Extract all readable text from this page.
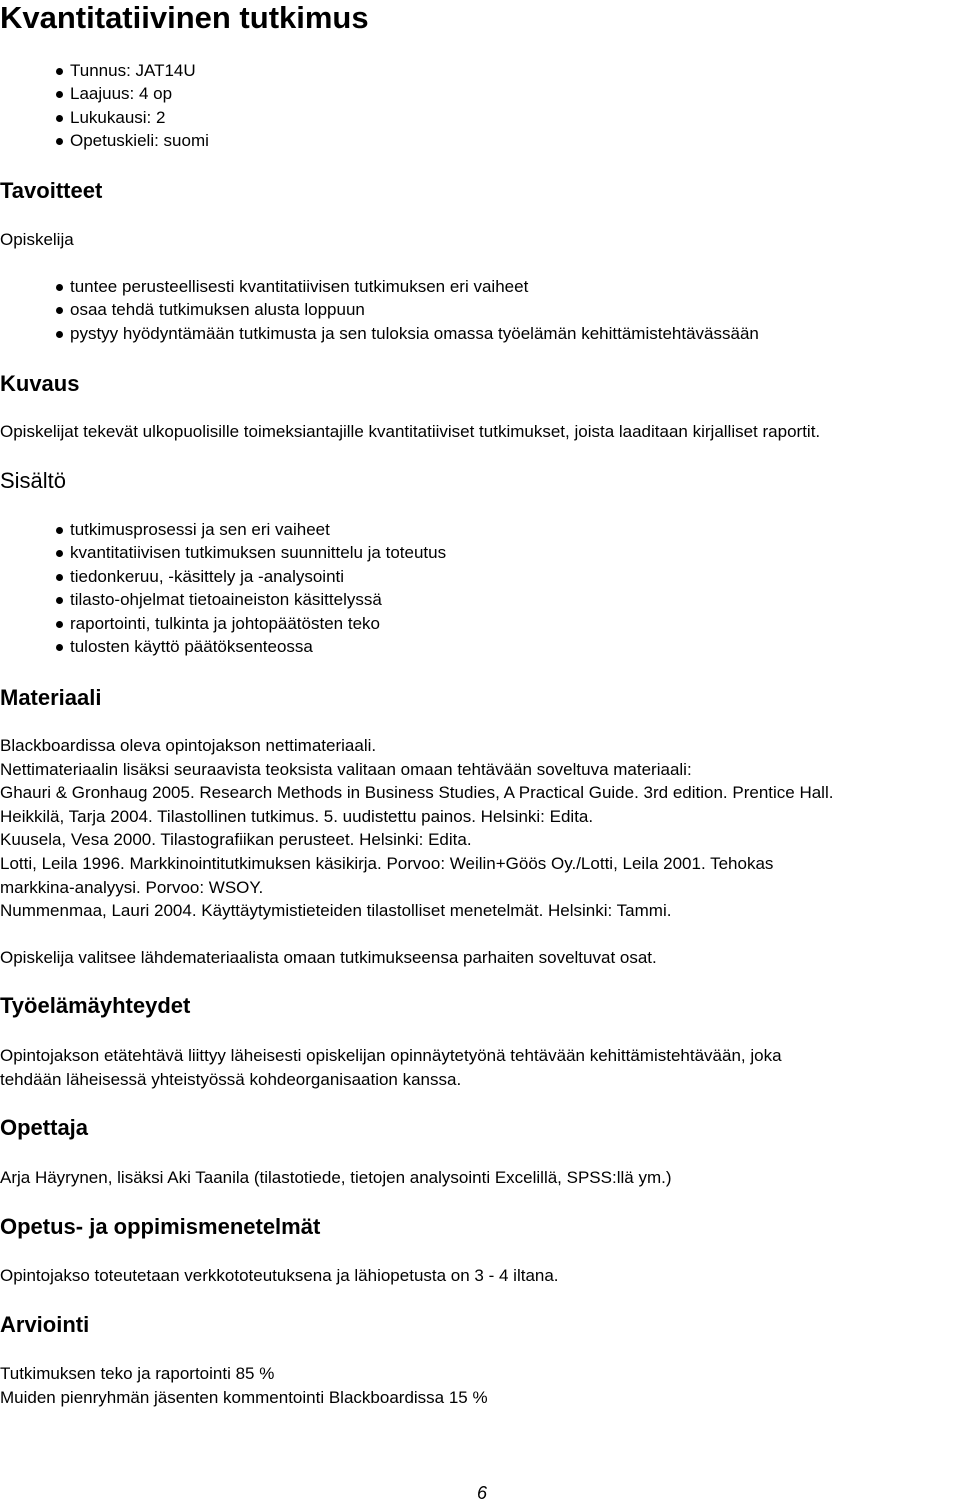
Kvantitatiivinen tutkimus
Tunnus: JAT14U
Laajuus: 4 op
Lukukausi: 2
Opetuskieli: suomi
Tavoitteet
Opiskelija
tuntee perusteellisesti kvantitatiivisen tutkimuksen eri vaiheet
osaa tehdä tutkimuksen alusta loppuun
pystyy hyödyntämään tutkimusta ja sen tuloksia omassa työelämän kehittämistehtävässään
Kuvaus
Opiskelijat tekevät ulkopuolisille toimeksiantajille kvantitatiiviset tutkimukset, joista laaditaan kirjalliset raportit.
Sisältö
tutkimusprosessi ja sen eri vaiheet
kvantitatiivisen tutkimuksen suunnittelu ja toteutus
tiedonkeruu, -käsittely ja -analysointi
tilasto-ohjelmat tietoaineiston käsittelyssä
raportointi, tulkinta ja johtopäätösten teko
tulosten käyttö päätöksenteossa
Materiaali
Blackboardissa oleva opintojakson nettimateriaali.
Nettimateriaalin lisäksi seuraavista teoksista valitaan omaan tehtävään soveltuva materiaali:
Ghauri & Gronhaug 2005. Research Methods in Business Studies, A Practical Guide. 3rd edition. Prentice Hall.
Heikkilä, Tarja 2004. Tilastollinen tutkimus. 5. uudistettu painos. Helsinki: Edita.
Kuusela, Vesa 2000. Tilastografiikan perusteet. Helsinki: Edita.
Lotti, Leila 1996. Markkinointitutkimuksen käsikirja. Porvoo: Weilin+Göös Oy./Lotti, Leila 2001. Tehokas
markkina-analyysi. Porvoo: WSOY.
Nummenmaa, Lauri 2004. Käyttäytymistieteiden tilastolliset menetelmät. Helsinki: Tammi.
Opiskelija valitsee lähdemateriaalista omaan tutkimukseensa parhaiten soveltuvat osat.
Työelämäyhteydet
Opintojakson etätehtävä liittyy läheisesti opiskelijan opinnäytetyönä tehtävään kehittämistehtävään, joka
tehdään läheisessä yhteistyössä kohdeorganisaation kanssa.
Opettaja
Arja Häyrynen, lisäksi Aki Taanila (tilastotiede, tietojen analysointi Excelillä, SPSS:llä ym.)
Opetus- ja oppimismenetelmät
Opintojakso toteutetaan verkkototeutuksena ja lähiopetusta on 3 - 4 iltana.
Arviointi
Tutkimuksen teko ja raportointi 85 %
Muiden pienryhmän jäsenten kommentointi Blackboardissa 15 %
6
